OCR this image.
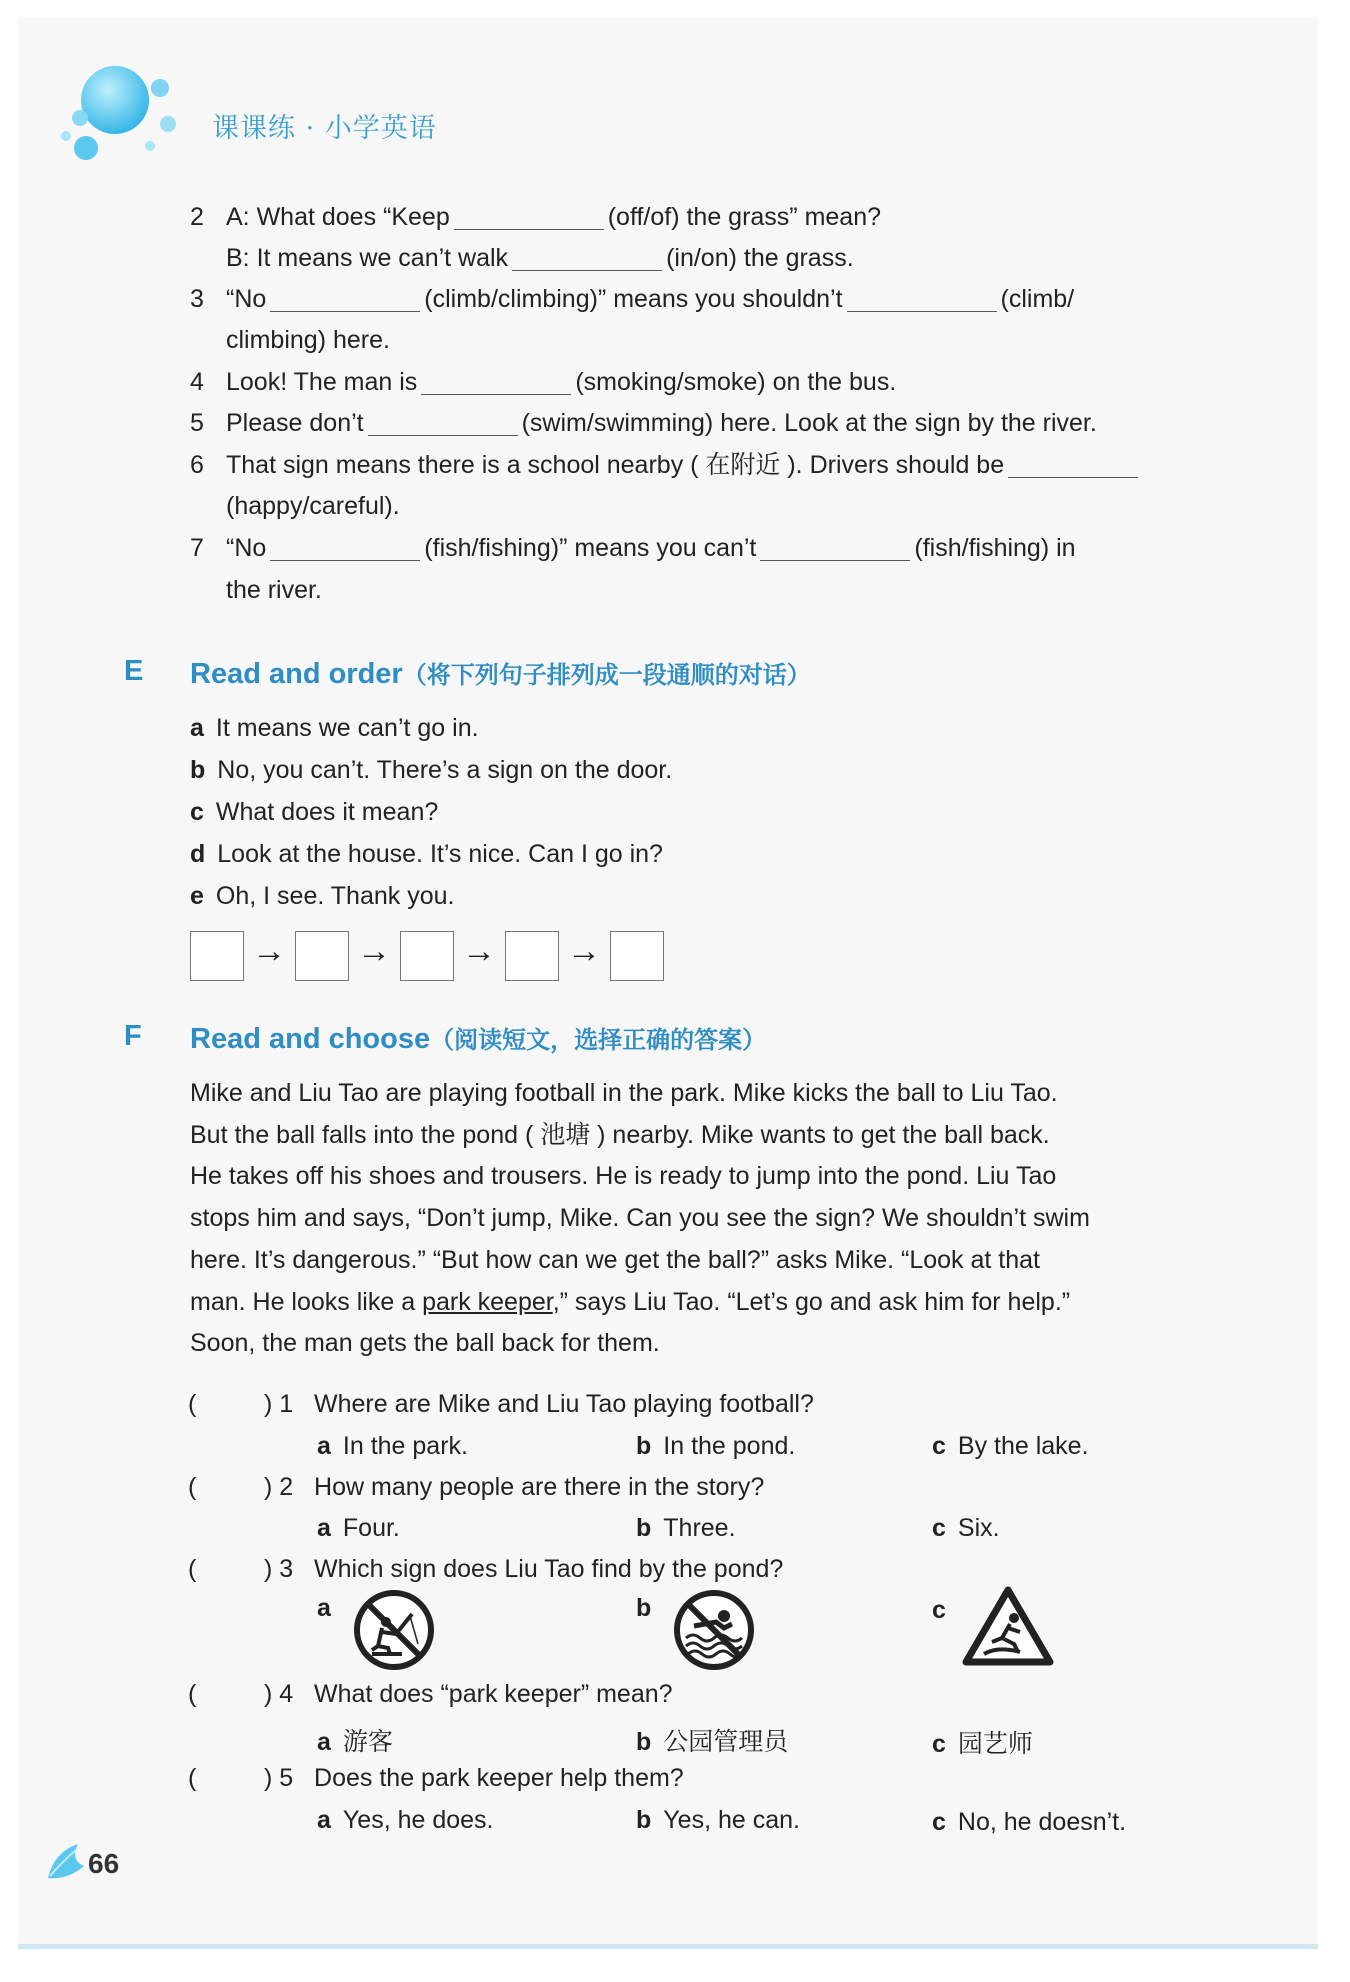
课课练 · 小学英语
2 A: What does “Keep	(off/of) the grass” mean?
B: It means we can’t walk	(in/on) the grass.
3 “No	(climb/climbing)” means you shouldn’t	(climb/
climbing) here.
4 Look! The man is	(smoking/smoke) on the bus.
5 Please don’t	(swim/swimming) here. Look at the sign by the river.
6 That sign means there is a school nearby ( 在附近 ). Drivers should be
(happy/careful).
7 “No	(fish/fishing)” means you can’t	(fish/fishing) in
the river.
E Read and order（将下列句子排列成一段通顺的对话）
a It means we can’t go in.
b No, you can’t. There’s a sign on the door.
c What does it mean?
d Look at the house. It’s nice. Can I go in?
e Oh, I see. Thank you.
→ → → →
F Read and choose（阅读短文，选择正确的答案）
Mike and Liu Tao are playing football in the park. Mike kicks the ball to Liu Tao.
But the ball falls into the pond ( 池塘 ) nearby. Mike wants to get the ball back.
He takes off his shoes and trousers. He is ready to jump into the pond. Liu Tao
stops him and says, “Don’t jump, Mike. Can you see the sign? We shouldn’t swim
here. It’s dangerous.” “But how can we get the ball?” asks Mike. “Look at that
man. He looks like a park keeper,” says Liu Tao. “Let’s go and ask him for help.”
Soon, the man gets the ball back for them.
(	) 1 Where are Mike and Liu Tao playing football?
a In the park.	b In the pond.	c By the lake.
(	) 2 How many people are there in the story?
a Four.	b Three.	c Six.
(	) 3 Which sign does Liu Tao find by the pond?
a	b	c
(	) 4 What does “park keeper” mean?
a 游客	b 公园管理员	c 园艺师
(	) 5 Does the park keeper help them?
a Yes, he does.	b Yes, he can.	c No, he doesn’t.
66
